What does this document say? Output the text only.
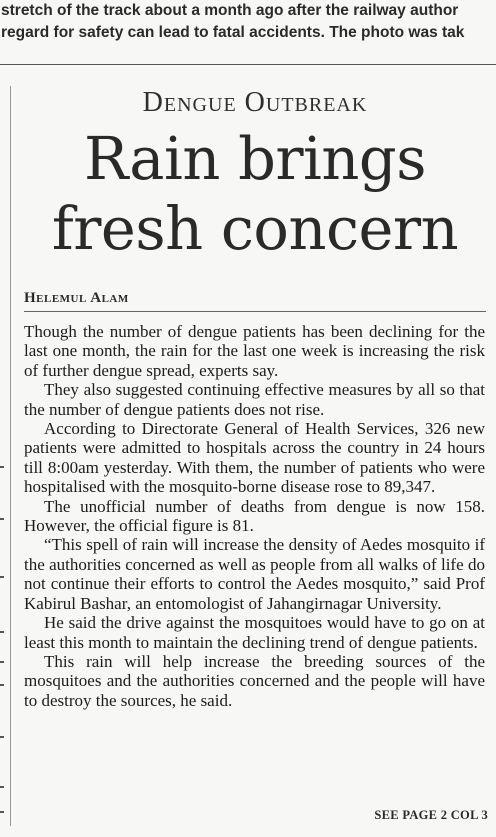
stretch of the track about a month ago after the railway author
regard for safety can lead to fatal accidents. The photo was tak
Dengue Outbreak
Rain brings
fresh concern
Helemul Alam

Though the number of dengue patients has been declining for the last one month, the rain for the last one week is increasing the risk of further dengue spread, experts say.

They also suggested continuing effective measures by all so that the number of dengue patients does not rise.

According to Directorate General of Health Services, 326 new patients were admitted to hospitals across the country in 24 hours till 8:00am yesterday. With them, the number of patients who were hospitalised with the mosquito-borne disease rose to 89,347.

The unofficial number of deaths from dengue is now 158. However, the official figure is 81.

“This spell of rain will increase the density of Aedes mosquito if the authorities concerned as well as people from all walks of life do not continue their efforts to control the Aedes mosquito,” said Prof Kabirul Bashar, an entomologist of Jahangirnagar University.

He said the drive against the mosquitoes would have to go on at least this month to maintain the declining trend of dengue patients.

This rain will help increase the breeding sources of the mosquitoes and the authorities concerned and the people will have to destroy the sources, he said.

SEE PAGE 2 COL 3
